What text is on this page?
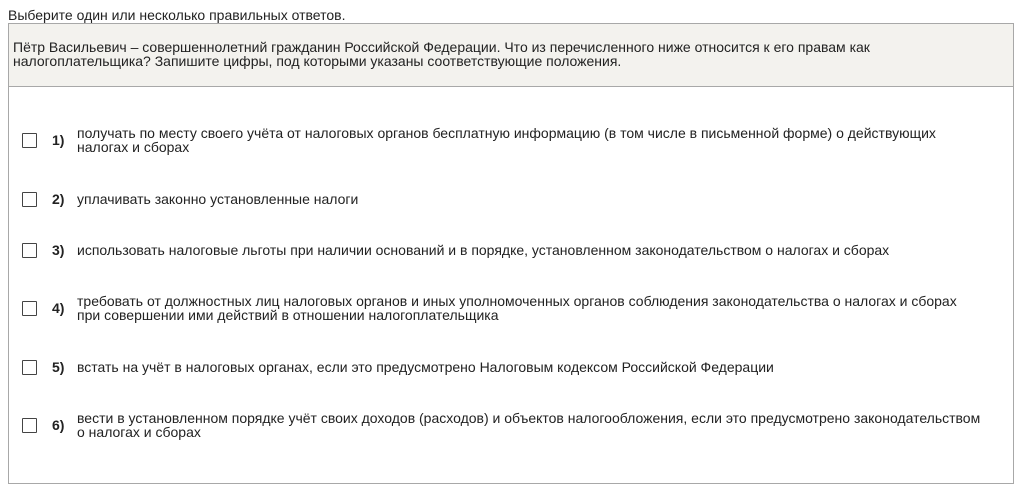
Выберите один или несколько правильных ответов.
Пётр Васильевич – совершеннолетний гражданин Российской Федерации. Что из перечисленного ниже относится к его правам как налогоплательщика? Запишите цифры, под которыми указаны соответствующие положения.
1) получать по месту своего учёта от налоговых органов бесплатную информацию (в том числе в письменной форме) о действующих налогах и сборах
2) уплачивать законно установленные налоги
3) использовать налоговые льготы при наличии оснований и в порядке, установленном законодательством о налогах и сборах
4) требовать от должностных лиц налоговых органов и иных уполномоченных органов соблюдения законодательства о налогах и сборах при совершении ими действий в отношении налогоплательщика
5) встать на учёт в налоговых органах, если это предусмотрено Налоговым кодексом Российской Федерации
6) вести в установленном порядке учёт своих доходов (расходов) и объектов налогообложения, если это предусмотрено законодательством о налогах и сборах
